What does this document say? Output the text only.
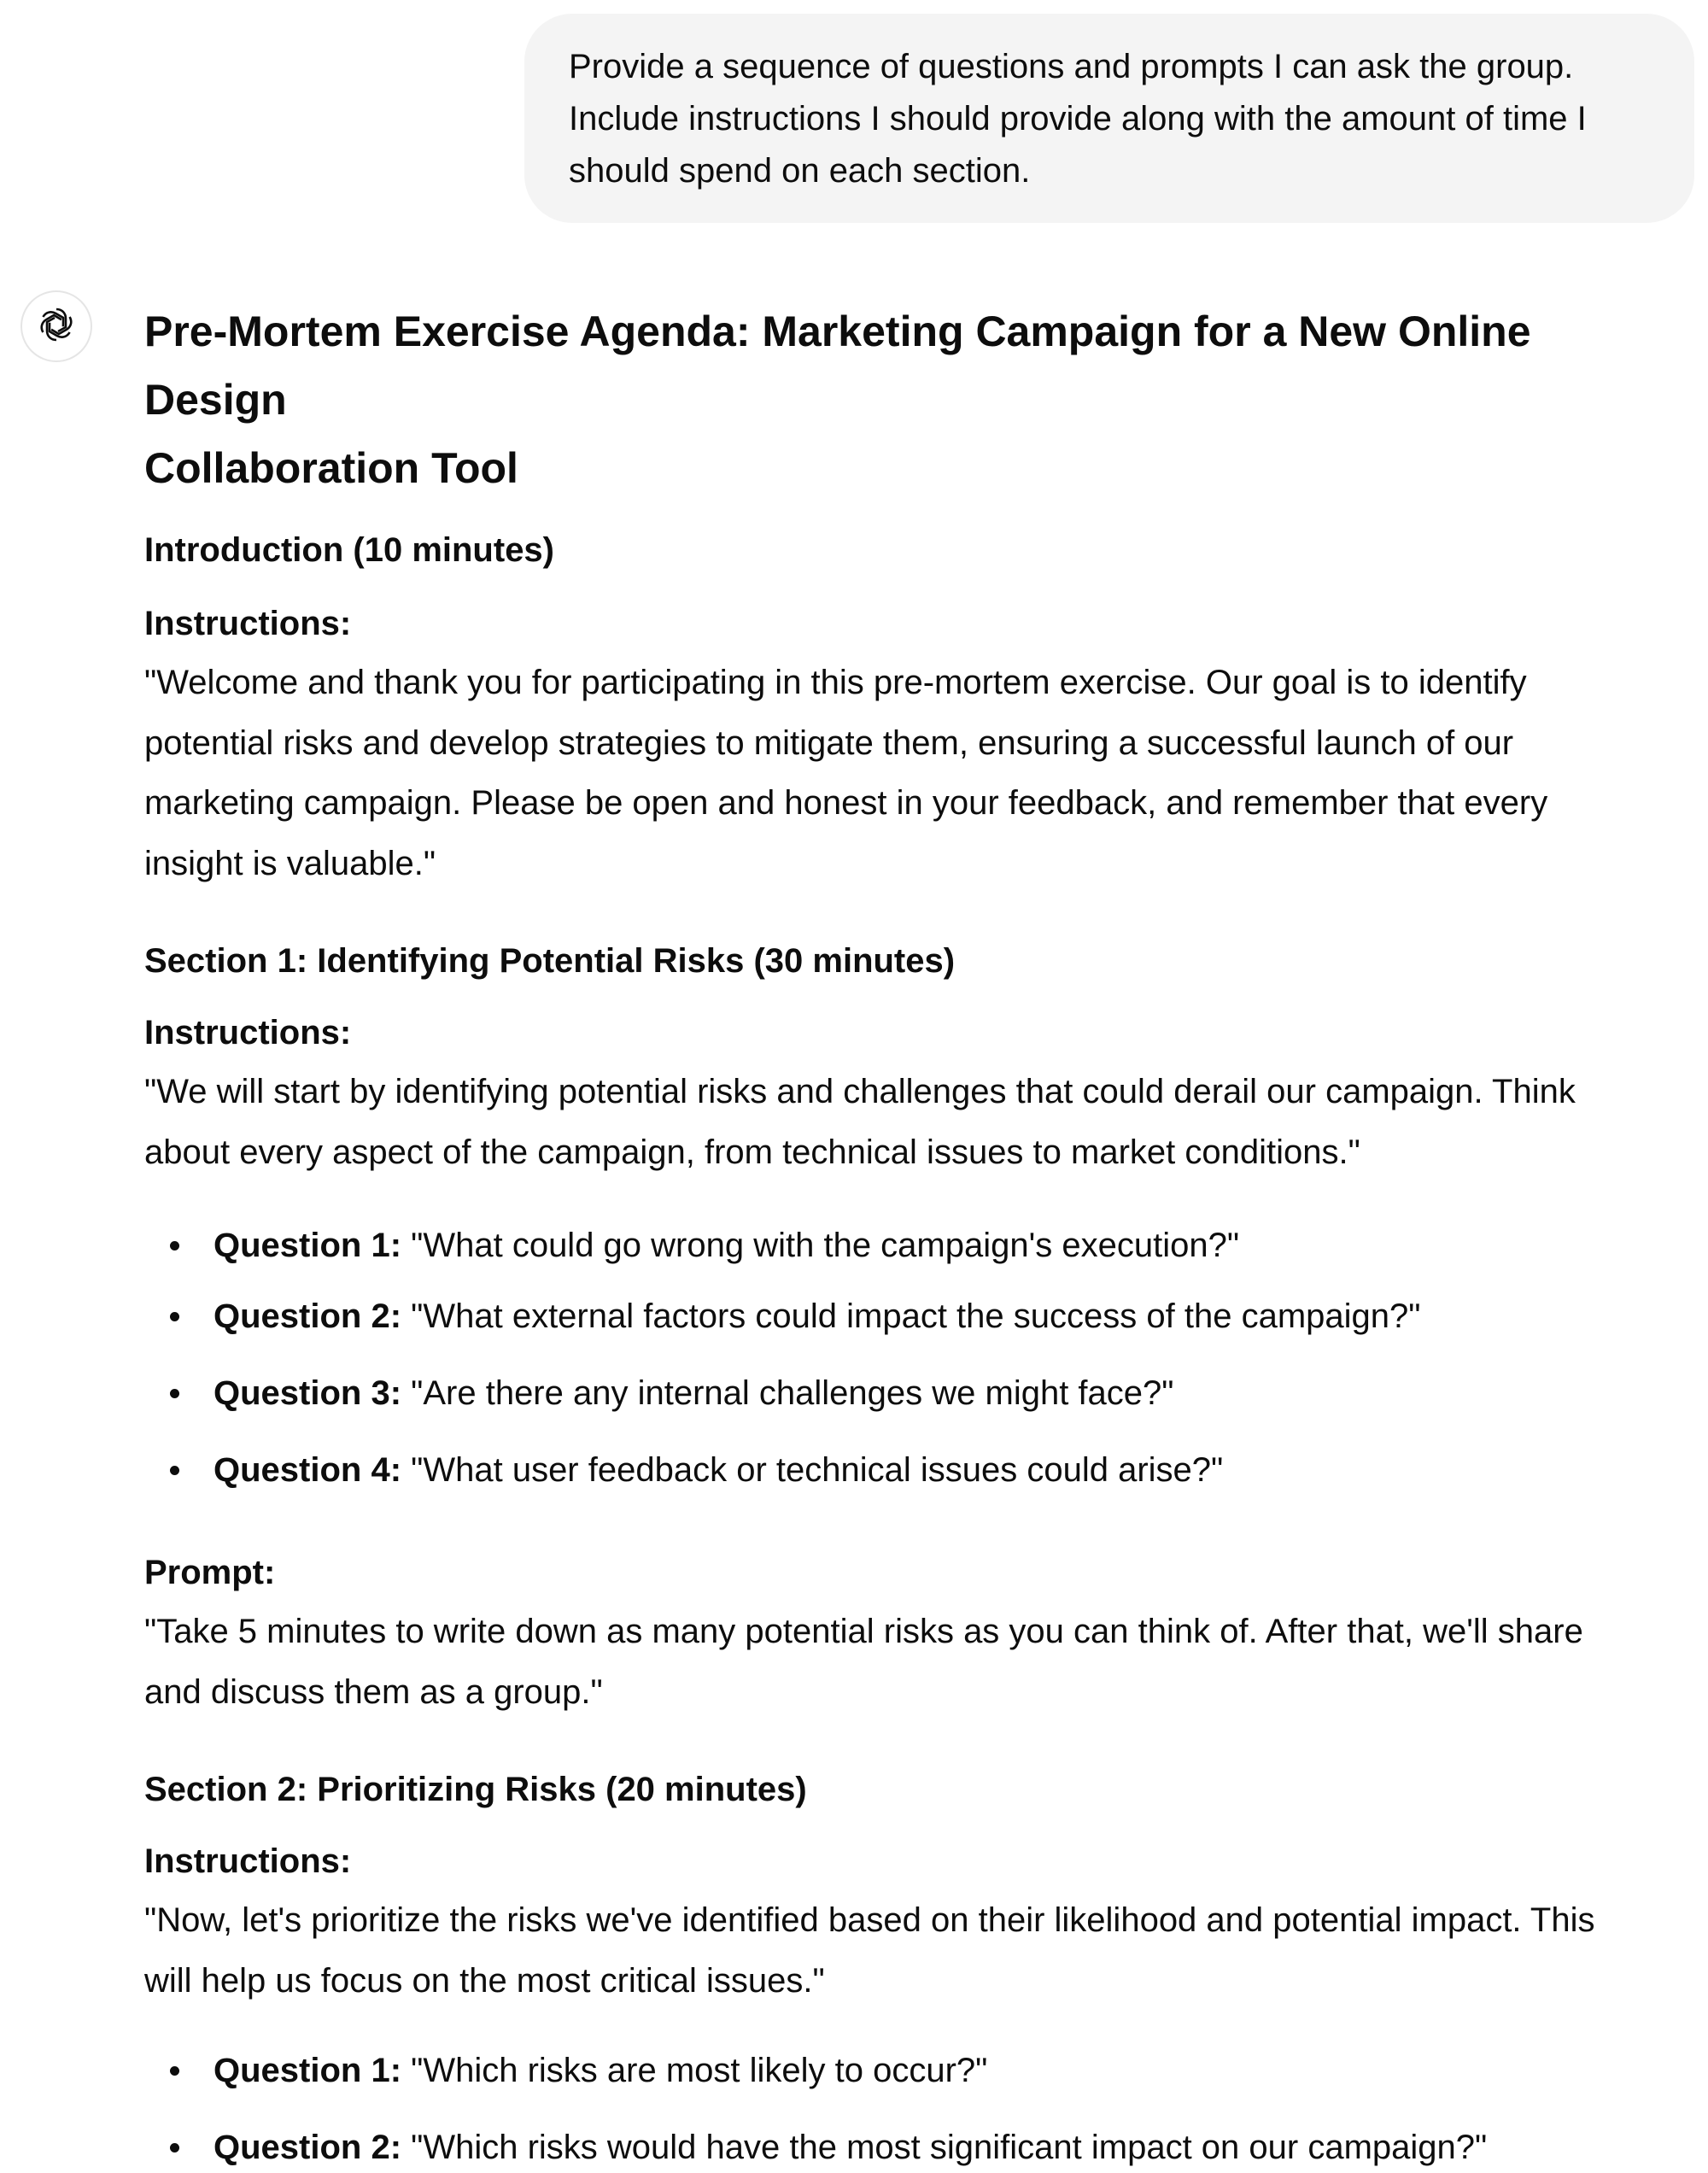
Provide a sequence of questions and prompts I can ask the group.
Include instructions I should provide along with the amount of time I
should spend on each section.
Pre-Mortem Exercise Agenda: Marketing Campaign for a New Online Design
Collaboration Tool
Introduction (10 minutes)
Instructions:
"Welcome and thank you for participating in this pre-mortem exercise. Our goal is to identify
potential risks and develop strategies to mitigate them, ensuring a successful launch of our
marketing campaign. Please be open and honest in your feedback, and remember that every
insight is valuable."
Section 1: Identifying Potential Risks (30 minutes)
Instructions:
"We will start by identifying potential risks and challenges that could derail our campaign. Think
about every aspect of the campaign, from technical issues to market conditions."
Question 1: "What could go wrong with the campaign's execution?"
Question 2: "What external factors could impact the success of the campaign?"
Question 3: "Are there any internal challenges we might face?"
Question 4: "What user feedback or technical issues could arise?"
Prompt:
"Take 5 minutes to write down as many potential risks as you can think of. After that, we'll share
and discuss them as a group."
Section 2: Prioritizing Risks (20 minutes)
Instructions:
"Now, let's prioritize the risks we've identified based on their likelihood and potential impact. This
will help us focus on the most critical issues."
Question 1: "Which risks are most likely to occur?"
Question 2: "Which risks would have the most significant impact on our campaign?"
